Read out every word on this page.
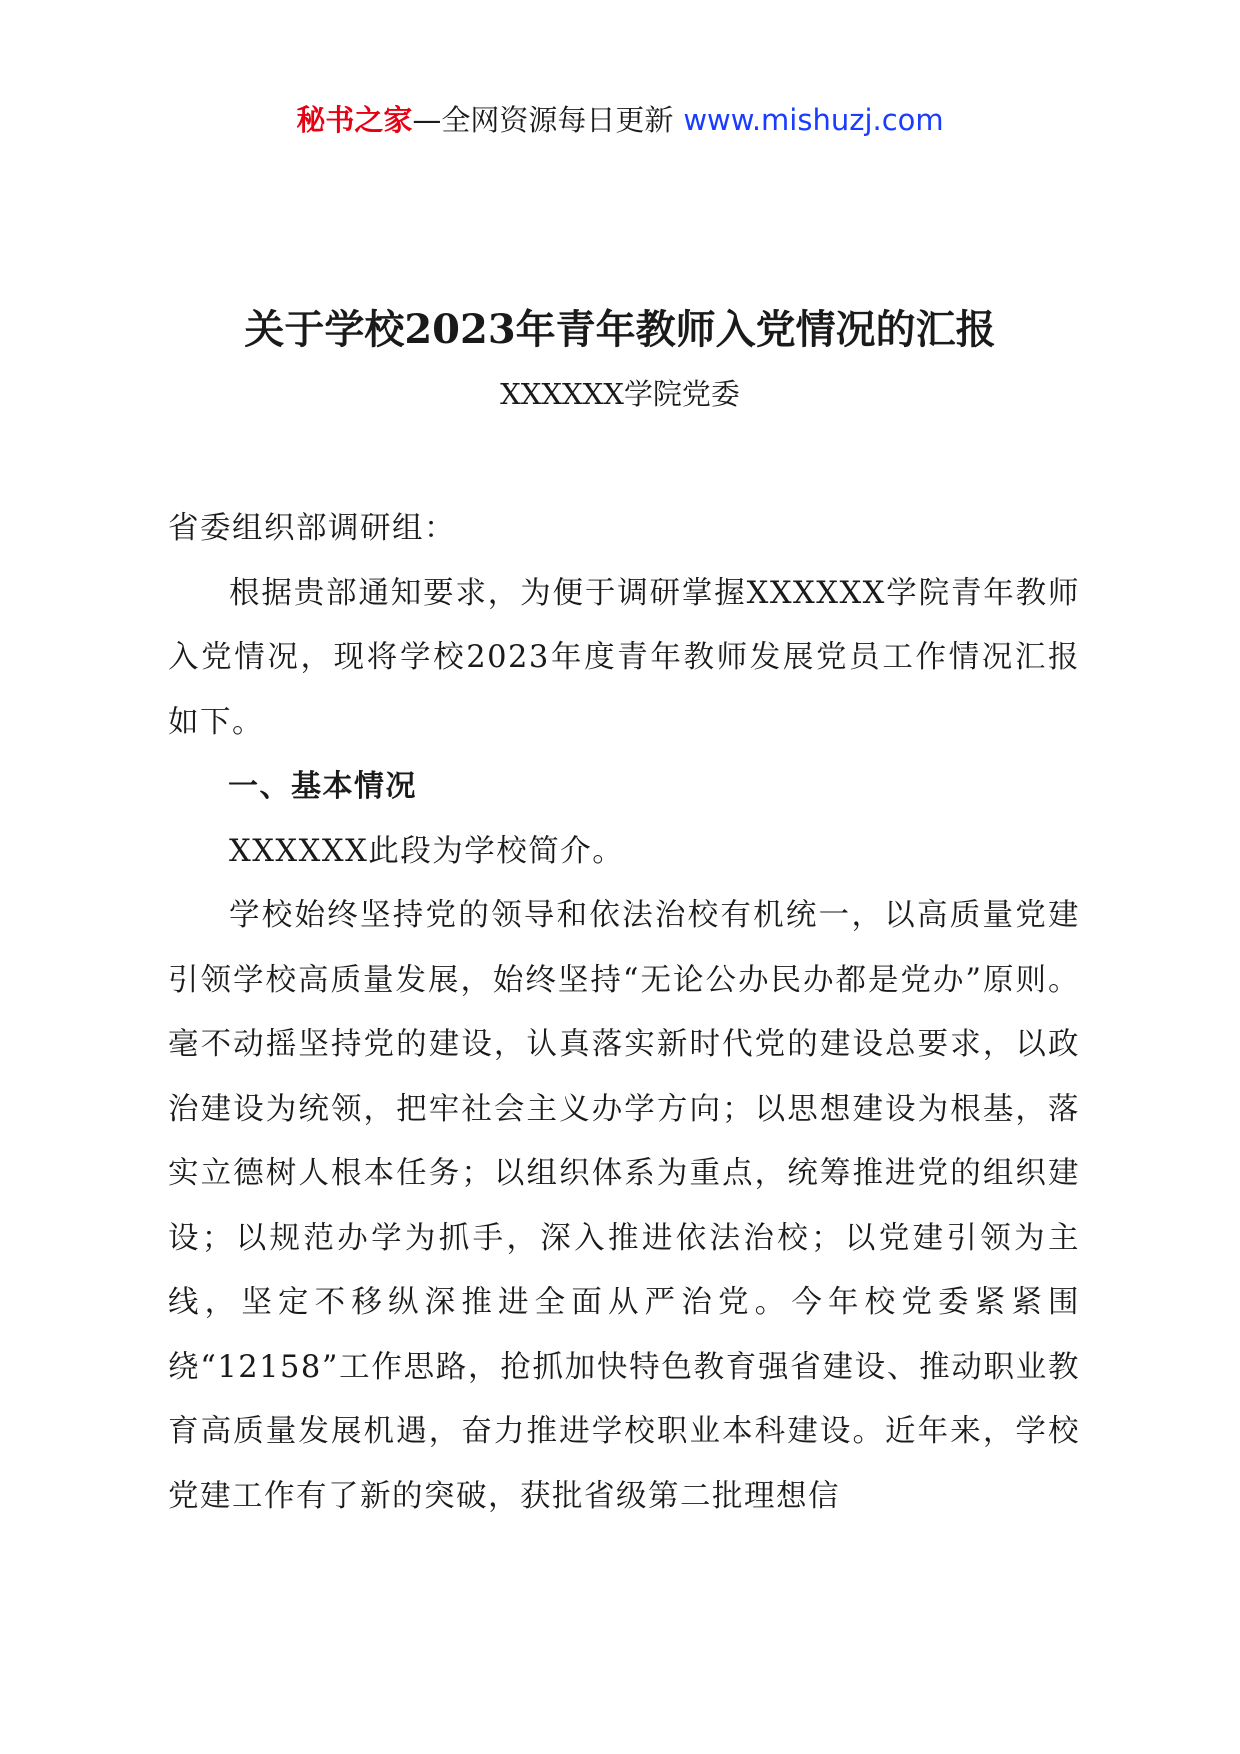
秘书之家—全网资源每日更新 www.mishuzj.com
关于学校2023年青年教师入党情况的汇报
XXXXXX学院党委

省委组织部调研组：

根据贵部通知要求，为便于调研掌握XXXXXX学院青年教师入党情况，现将学校2023年度青年教师发展党员工作情况汇报如下。

一、基本情况

XXXXXX此段为学校简介。

学校始终坚持党的领导和依法治校有机统一，以高质量党建引领学校高质量发展，始终坚持“无论公办民办都是党办”原则。毫不动摇坚持党的建设，认真落实新时代党的建设总要求，以政治建设为统领，把牢社会主义办学方向；以思想建设为根基，落实立德树人根本任务；以组织体系为重点，统筹推进党的组织建设；以规范办学为抓手，深入推进依法治校；以党建引领为主线，坚定不移纵深推进全面从严治党。今年校党委紧紧围绕“12158”工作思路，抢抓加快特色教育强省建设、推动职业教育高质量发展机遇，奋力推进学校职业本科建设。近年来，学校党建工作有了新的突破，获批省级第二批理想信
